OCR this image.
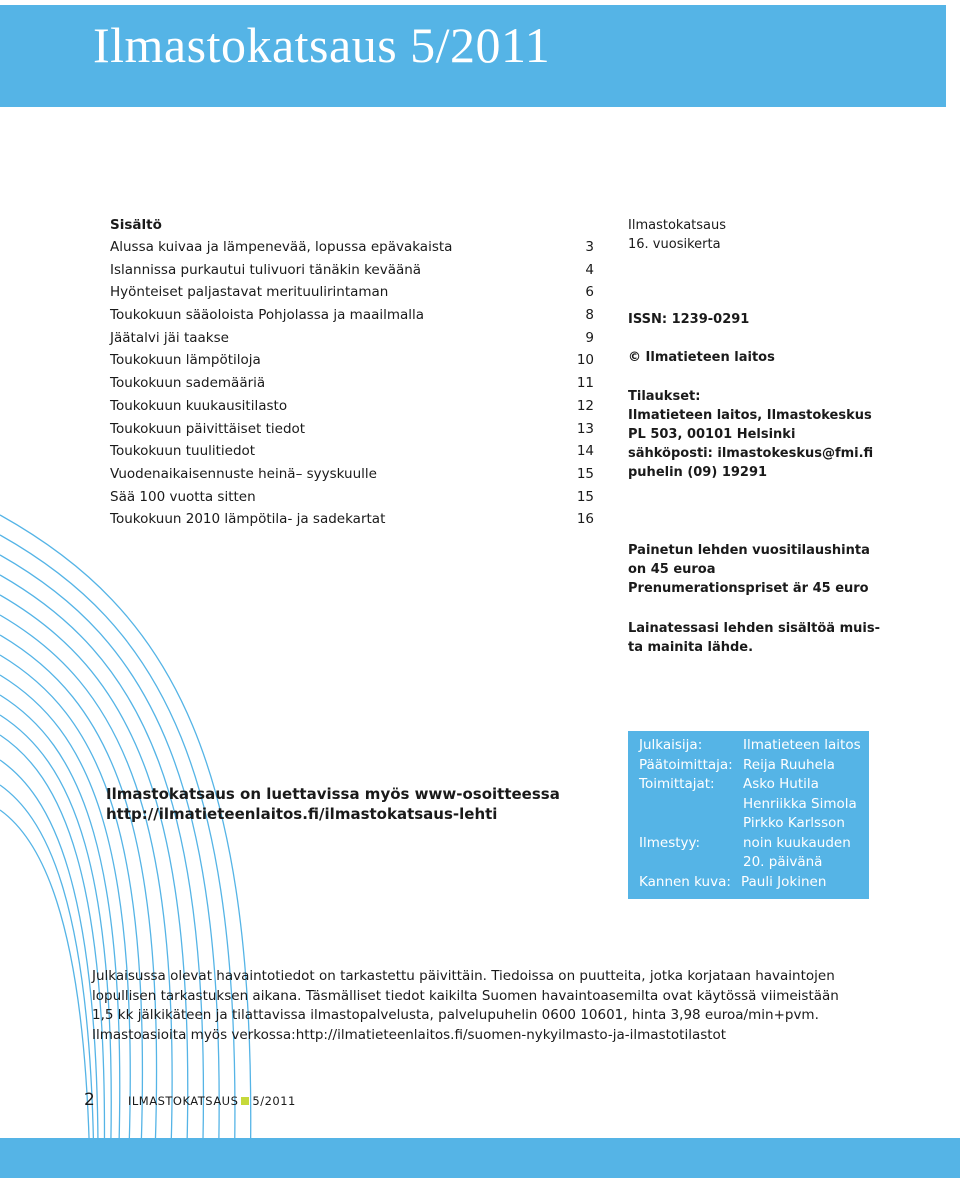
Ilmastokatsaus 5/2011
Sisältö
Alussa kuivaa ja lämpenevää, lopussa epävakaista	3
Islannissa purkautui tulivuori tänäkin keväänä	4
Hyönteiset paljastavat merituulirintaman	6
Toukokuun sääoloista Pohjolassa ja maailmalla	8
Jäätalvi jäi taakse	9
Toukokuun lämpötiloja	10
Toukokuun sademääriä	11
Toukokuun kuukausitilasto	12
Toukokuun päivittäiset tiedot	13
Toukokuun tuulitiedot	14
Vuodenaikaisennuste heinä– syyskuulle	15
Sää 100 vuotta sitten	15
Toukokuun 2010 lämpötila- ja sadekartat	16
Ilmastokatsaus
16. vuosikerta
ISSN: 1239-0291
© Ilmatieteen laitos
Tilaukset:
Ilmatieteen laitos, Ilmastokeskus
PL 503, 00101 Helsinki
sähköposti: ilmastokeskus@fmi.fi
puhelin (09) 19291
Painetun lehden vuositilaushinta
on 45 euroa
Prenumerationspriset är 45 euro
Lainatessasi lehden sisältöä muis-
ta mainita lähde.
Ilmastokatsaus on luettavissa myös www-osoitteessa
http://ilmatieteenlaitos.fi/ilmastokatsaus-lehti
Julkaisija:	Ilmatieteen laitos
Päätoimittaja: Reija Ruuhela
Toimittajat: Asko Hutila
Henriikka Simola
Pirkko Karlsson
Ilmestyy:	noin kuukauden
20. päivänä
Kannen kuva: Pauli Jokinen
Julkaisussa olevat havaintotiedot on tarkastettu päivittäin. Tiedoissa on puutteita, jotka korjataan havaintojen
lopullisen tarkastuksen aikana. Täsmälliset tiedot kaikilta Suomen havaintoasemilta ovat käytössä viimeistään
1,5 kk jälkikäteen ja tilattavissa ilmastopalvelusta, palvelupuhelin 0600 10601, hinta 3,98 euroa/min+pvm.
Ilmastoasioita myös verkossa:http://ilmatieteenlaitos.fi/suomen-nykyilmasto-ja-ilmastotilastot
2	ILMASTOKATSAUS 5/2011
